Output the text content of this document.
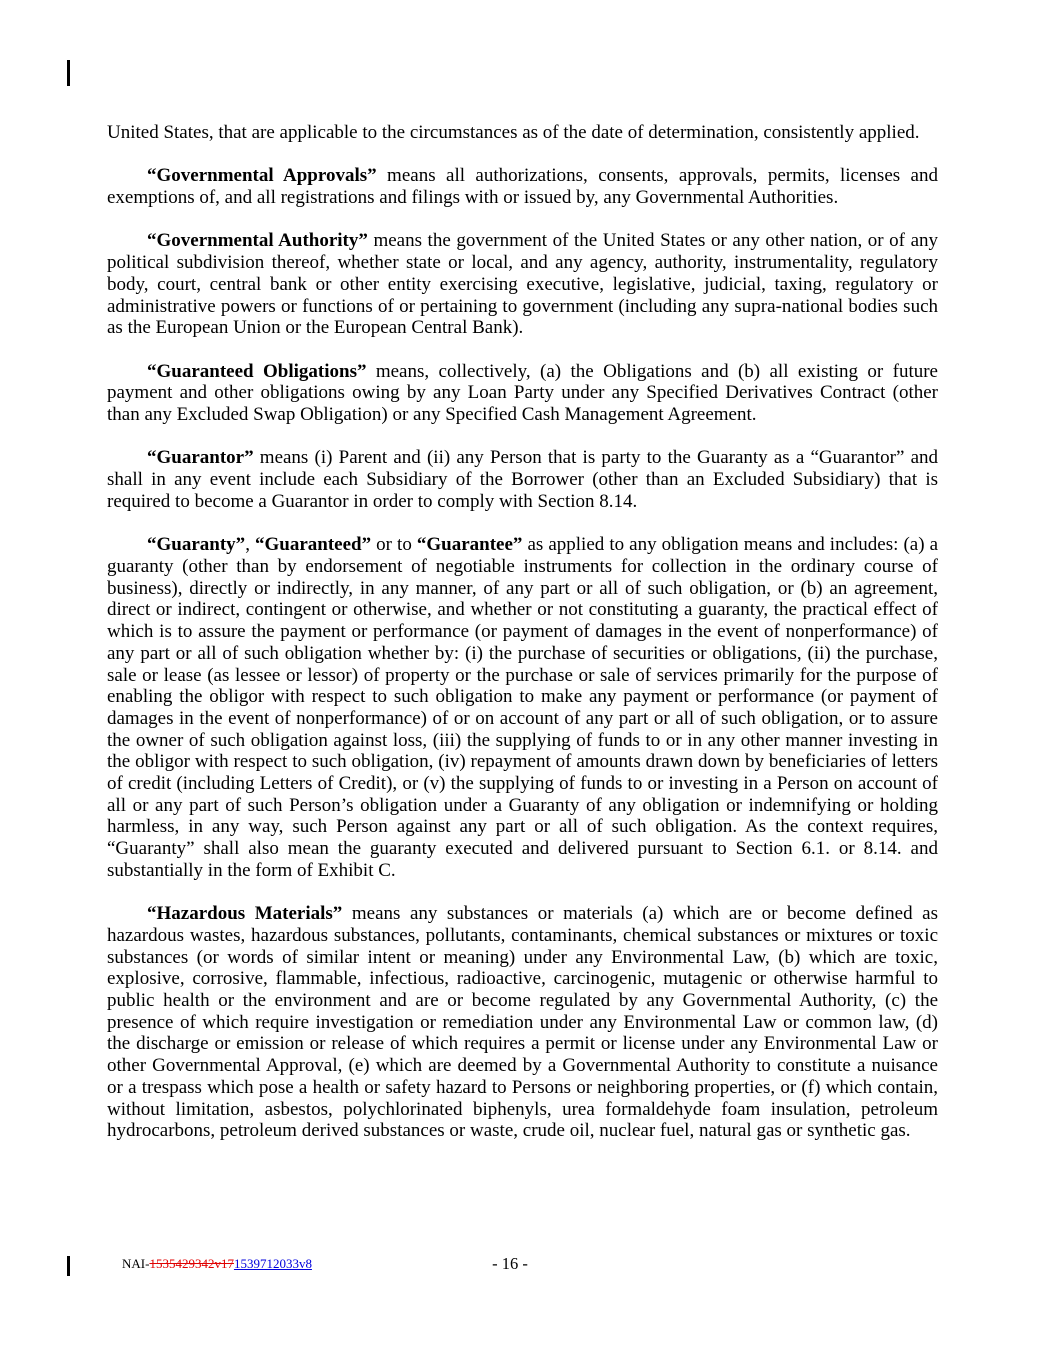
United States, that are applicable to the circumstances as of the date of determination, consistently applied.

“Governmental Approvals” means all authorizations, consents, approvals, permits, licenses and exemptions of, and all registrations and filings with or issued by, any Governmental Authorities.

“Governmental Authority” means the government of the United States or any other nation, or of any political subdivision thereof, whether state or local, and any agency, authority, instrumentality, regulatory body, court, central bank or other entity exercising executive, legislative, judicial, taxing, regulatory or administrative powers or functions of or pertaining to government (including any supra-national bodies such as the European Union or the European Central Bank).

“Guaranteed Obligations” means, collectively, (a) the Obligations and (b) all existing or future payment and other obligations owing by any Loan Party under any Specified Derivatives Contract (other than any Excluded Swap Obligation) or any Specified Cash Management Agreement.

“Guarantor” means (i) Parent and (ii) any Person that is party to the Guaranty as a “Guarantor” and shall in any event include each Subsidiary of the Borrower (other than an Excluded Subsidiary) that is required to become a Guarantor in order to comply with Section 8.14.

“Guaranty”, “Guaranteed” or to “Guarantee” as applied to any obligation means and includes: (a) a guaranty (other than by endorsement of negotiable instruments for collection in the ordinary course of business), directly or indirectly, in any manner, of any part or all of such obligation, or (b) an agreement, direct or indirect, contingent or otherwise, and whether or not constituting a guaranty, the practical effect of which is to assure the payment or performance (or payment of damages in the event of nonperformance) of any part or all of such obligation whether by: (i) the purchase of securities or obligations, (ii) the purchase, sale or lease (as lessee or lessor) of property or the purchase or sale of services primarily for the purpose of enabling the obligor with respect to such obligation to make any payment or performance (or payment of damages in the event of nonperformance) of or on account of any part or all of such obligation, or to assure the owner of such obligation against loss, (iii) the supplying of funds to or in any other manner investing in the obligor with respect to such obligation, (iv) repayment of amounts drawn down by beneficiaries of letters of credit (including Letters of Credit), or (v) the supplying of funds to or investing in a Person on account of all or any part of such Person’s obligation under a Guaranty of any obligation or indemnifying or holding harmless, in any way, such Person against any part or all of such obligation. As the context requires, “Guaranty” shall also mean the guaranty executed and delivered pursuant to Section 6.1. or 8.14. and substantially in the form of Exhibit C.

“Hazardous Materials” means any substances or materials (a) which are or become defined as hazardous wastes, hazardous substances, pollutants, contaminants, chemical substances or mixtures or toxic substances (or words of similar intent or meaning) under any Environmental Law, (b) which are toxic, explosive, corrosive, flammable, infectious, radioactive, carcinogenic, mutagenic or otherwise harmful to public health or the environment and are or become regulated by any Governmental Authority, (c) the presence of which require investigation or remediation under any Environmental Law or common law, (d) the discharge or emission or release of which requires a permit or license under any Environmental Law or other Governmental Approval, (e) which are deemed by a Governmental Authority to constitute a nuisance or a trespass which pose a health or safety hazard to Persons or neighboring properties, or (f) which contain, without limitation, asbestos, polychlorinated biphenyls, urea formaldehyde foam insulation, petroleum hydrocarbons, petroleum derived substances or waste, crude oil, nuclear fuel, natural gas or synthetic gas.

NAI-1535429342v171539712033v8	- 16 -
